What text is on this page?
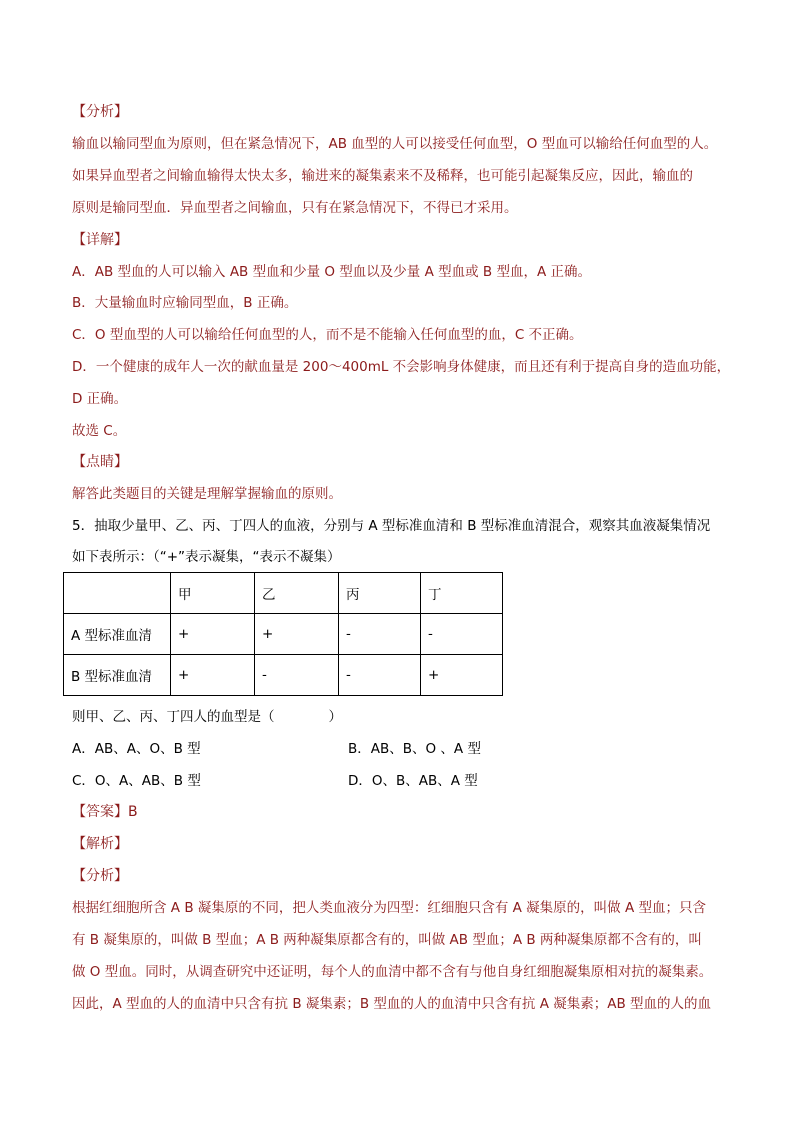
【分析】
输血以输同型血为原则，但在紧急情况下，AB 血型的人可以接受任何血型，O 型血可以输给任何血型的人。
如果异血型者之间输血输得太快太多，输进来的凝集素来不及稀释，也可能引起凝集反应，因此，输血的
原则是输同型血．异血型者之间输血，只有在紧急情况下，不得已才采用。
【详解】
A．AB 型血的人可以输入 AB 型血和少量 O 型血以及少量 A 型血或 B 型血，A 正确。
B．大量输血时应输同型血，B 正确。
C．O 型血型的人可以输给任何血型的人，而不是不能输入任何血型的血，C 不正确。
D．一个健康的成年人一次的献血量是 200～400mL 不会影响身体健康，而且还有利于提高自身的造血功能，
D 正确。
故选 C。
【点睛】
解答此类题目的关键是理解掌握输血的原则。
5．抽取少量甲、乙、丙、丁四人的血液，分别与 A 型标准血清和 B 型标准血清混合，观察其血液凝集情况
如下表所示：（“+”表示凝集，“表示不凝集）
	甲	乙	丙	丁
A 型标准血清	+	+	-	-
B 型标准血清	+	-	-	+
则甲、乙、丙、丁四人的血型是（　　　　）
A．AB、A、O、B 型	B．AB、B、O 、A 型
C．O、A、AB、B 型	D．O、B、AB、A 型
【答案】B
【解析】
【分析】
根据红细胞所含 A B 凝集原的不同，把人类血液分为四型：红细胞只含有 A 凝集原的，叫做 A 型血；只含
有 B 凝集原的，叫做 B 型血；A B 两种凝集原都含有的，叫做 AB 型血；A B 两种凝集原都不含有的，叫
做 O 型血。同时，从调查研究中还证明，每个人的血清中都不含有与他自身红细胞凝集原相对抗的凝集素。
因此，A 型血的人的血清中只含有抗 B 凝集素；B 型血的人的血清中只含有抗 A 凝集素；AB 型血的人的血
